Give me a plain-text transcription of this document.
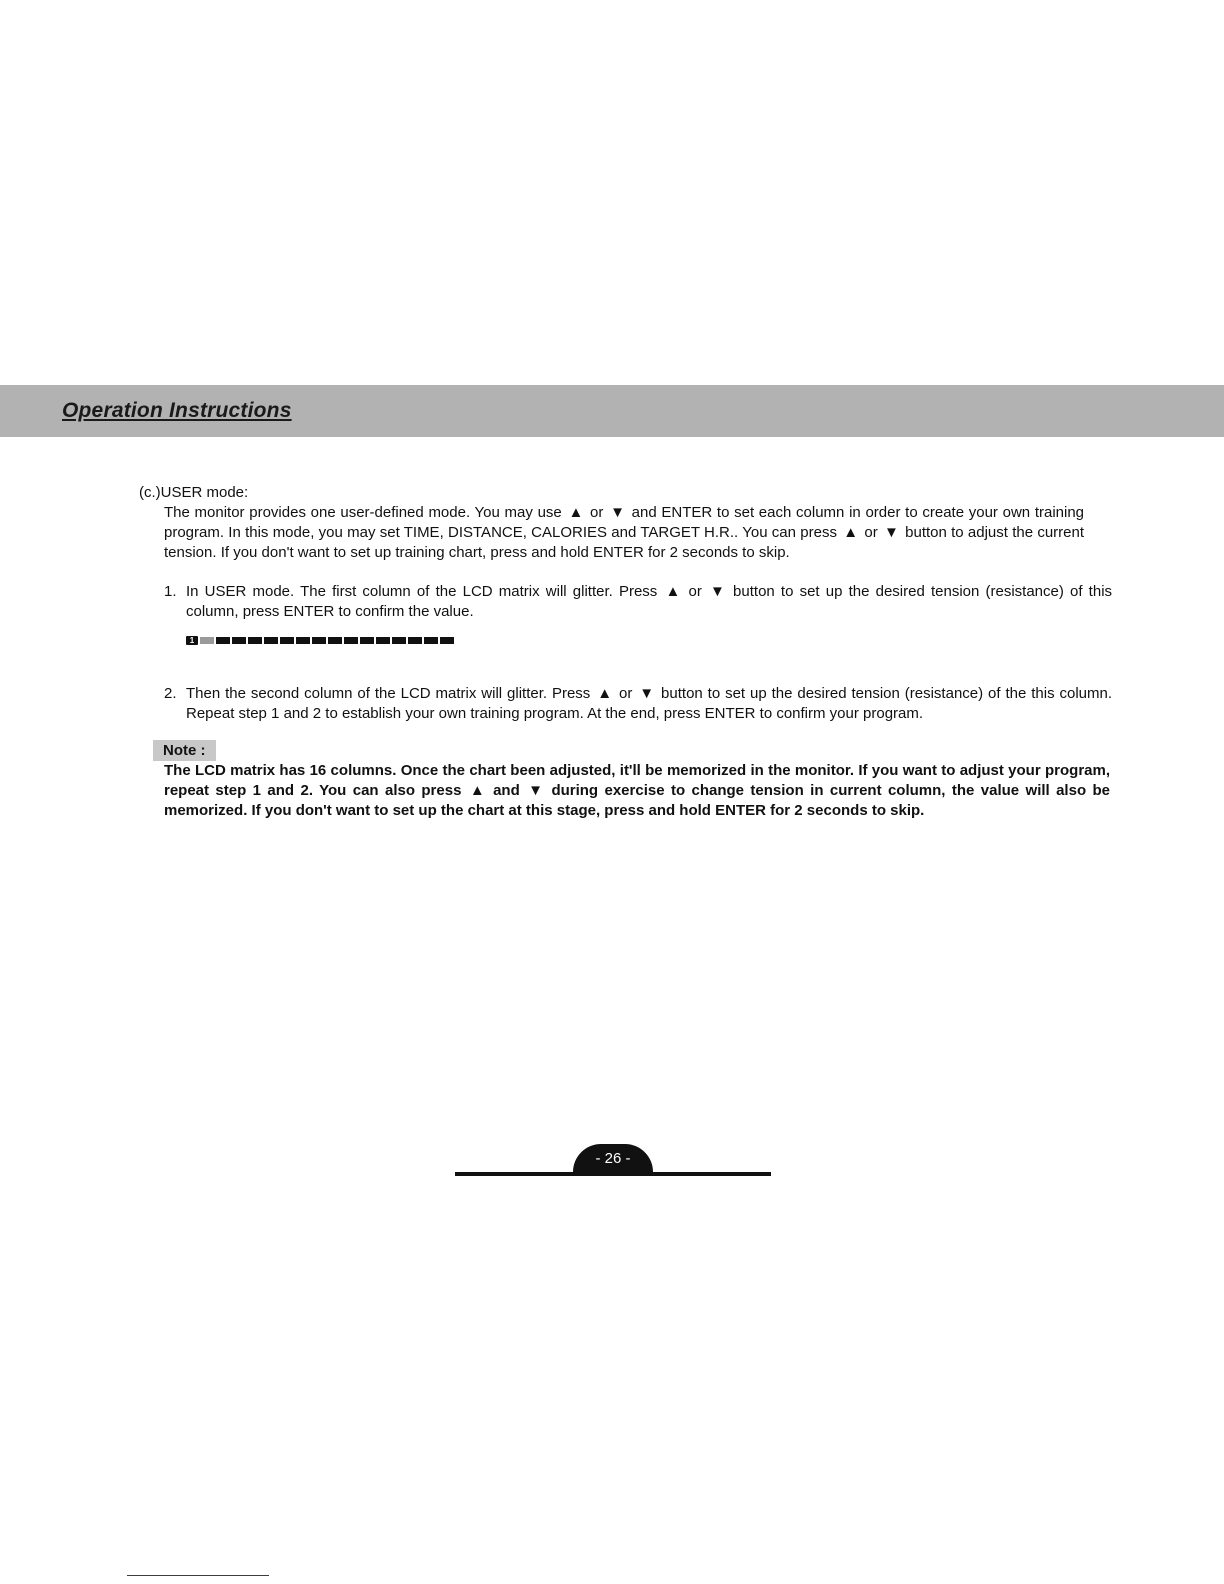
Operation Instructions

(c.)USER mode:

The monitor provides one user-defined mode. You may use ▲ or ▼ and ENTER to set each column in order to create your own training program. In this mode, you may set TIME, DISTANCE, CALORIES and TARGET H.R.. You can press ▲ or ▼ button to adjust the current tension. If you don't want to set up training chart, press and hold ENTER for 2 seconds to skip.

1. In USER mode. The first column of the LCD matrix will glitter. Press ▲ or ▼ button to set up the desired tension (resistance) of this column, press ENTER to confirm the value.
1
2. Then the second column of the LCD matrix will glitter. Press ▲ or ▼ button to set up the desired tension (resistance) of the this column. Repeat step 1 and 2 to establish your own training program. At the end, press ENTER to confirm your program.
Note :

The LCD matrix has 16 columns. Once the chart been adjusted, it'll be memorized in the monitor. If you want to adjust your program, repeat step 1 and 2. You can also press ▲ and ▼ during exercise to change tension in current column, the value will also be memorized. If you don't want to set up the chart at this stage, press and hold ENTER for 2 seconds to skip.

- 26 -
